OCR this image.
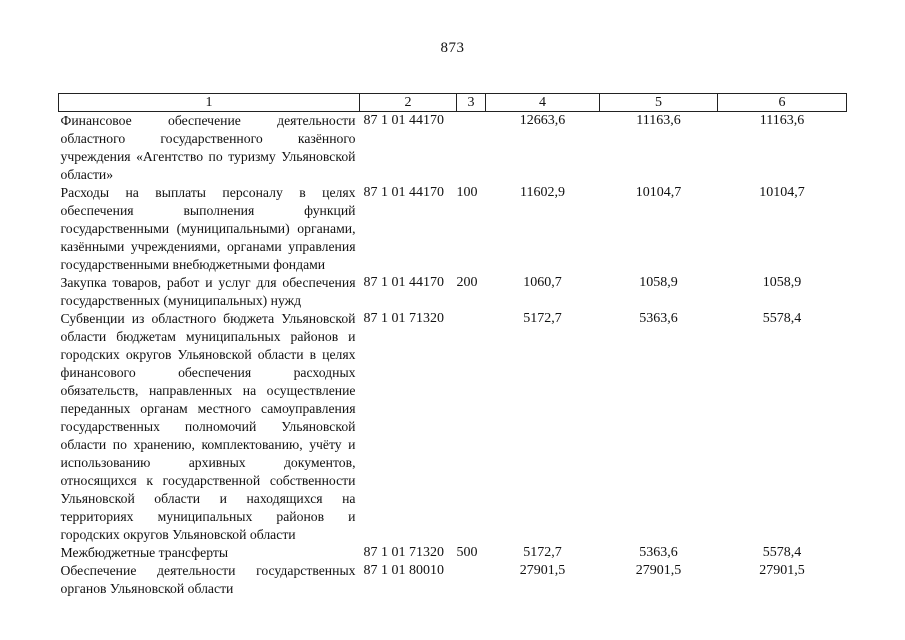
873
1	2	3	4	5	6
Финансовое обеспечение деятельности областного государственного казённого учреждения «Агентство по туризму Ульяновской области»	87 1 01 44170		12663,6	11163,6	11163,6
Расходы на выплаты персоналу в целях обеспечения выполнения функций государственными (муниципальными) органами, казёнными учреждениями, органами управления государственными внебюджетными фондами	87 1 01 44170	100	11602,9	10104,7	10104,7
Закупка товаров, работ и услуг для обеспечения государственных (муниципальных) нужд	87 1 01 44170	200	1060,7	1058,9	1058,9
Субвенции из областного бюджета Ульяновской области бюджетам муниципальных районов и городских округов Ульяновской области в целях финансового обеспечения расходных обязательств, направленных на осуществление переданных органам местного самоуправления государственных полномочий Ульяновской области по хранению, комплектованию, учёту и использованию архивных документов, относящихся к государственной собственности Ульяновской области и находящихся на территориях муниципальных районов и городских округов Ульяновской области	87 1 01 71320		5172,7	5363,6	5578,4
Межбюджетные трансферты	87 1 01 71320	500	5172,7	5363,6	5578,4
Обеспечение деятельности государственных органов Ульяновской области	87 1 01 80010		27901,5	27901,5	27901,5
